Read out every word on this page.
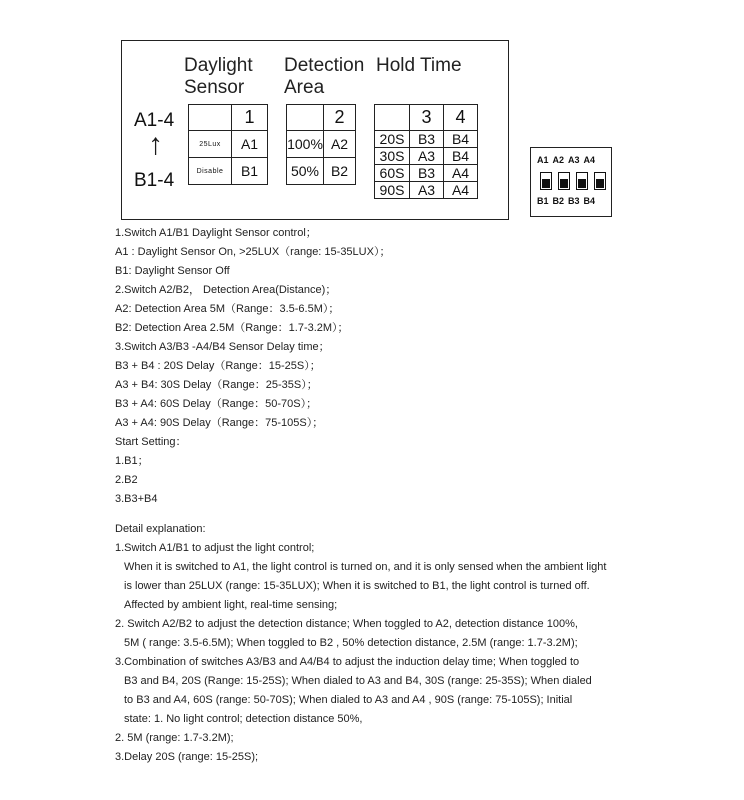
Daylight
Sensor
Detection
Area
Hold Time
A1-4
↑
B1-4
	1
25Lux	A1
Disable	B1
	2
100%	A2
50%	B2
	3	4
20S	B3	B4
30S	A3	B4
60S	B3	A4
90S	A3	A4
A1 A2 A3 A4
B1 B2 B3 B4
1.Switch A1/B1 Daylight Sensor control；
A1 : Daylight Sensor On, >25LUX（range: 15-35LUX）；
B1: Daylight Sensor Off
2.Switch A2/B2， Detection Area(Distance)；
A2: Detection Area 5M（Range：3.5-6.5M）；
B2: Detection Area 2.5M（Range：1.7-3.2M）；
3.Switch A3/B3 -A4/B4 Sensor Delay time；
B3 + B4 : 20S Delay（Range：15-25S）；
A3 + B4: 30S Delay（Range：25-35S）；
B3 + A4: 60S Delay（Range：50-70S）；
A3 + A4: 90S Delay（Range：75-105S）；
Start Setting：
1.B1；
2.B2
3.B3+B4
Detail explanation:
1.Switch A1/B1 to adjust the light control;
When it is switched to A1, the light control is turned on, and it is only sensed when the ambient light
is lower than 25LUX (range: 15-35LUX); When it is switched to B1, the light control is turned off.
Affected by ambient light, real-time sensing;
2. Switch A2/B2 to adjust the detection distance; When toggled to A2, detection distance 100%,
5M ( range: 3.5-6.5M); When toggled to B2 , 50% detection distance, 2.5M (range: 1.7-3.2M);
3.Combination of switches A3/B3 and A4/B4 to adjust the induction delay time; When toggled to
B3 and B4, 20S (Range: 15-25S); When dialed to A3 and B4, 30S (range: 25-35S); When dialed
to B3 and A4, 60S (range: 50-70S); When dialed to A3 and A4 , 90S (range: 75-105S); Initial
state: 1. No light control; detection distance 50%,
2. 5M (range: 1.7-3.2M);
3.Delay 20S (range: 15-25S);
